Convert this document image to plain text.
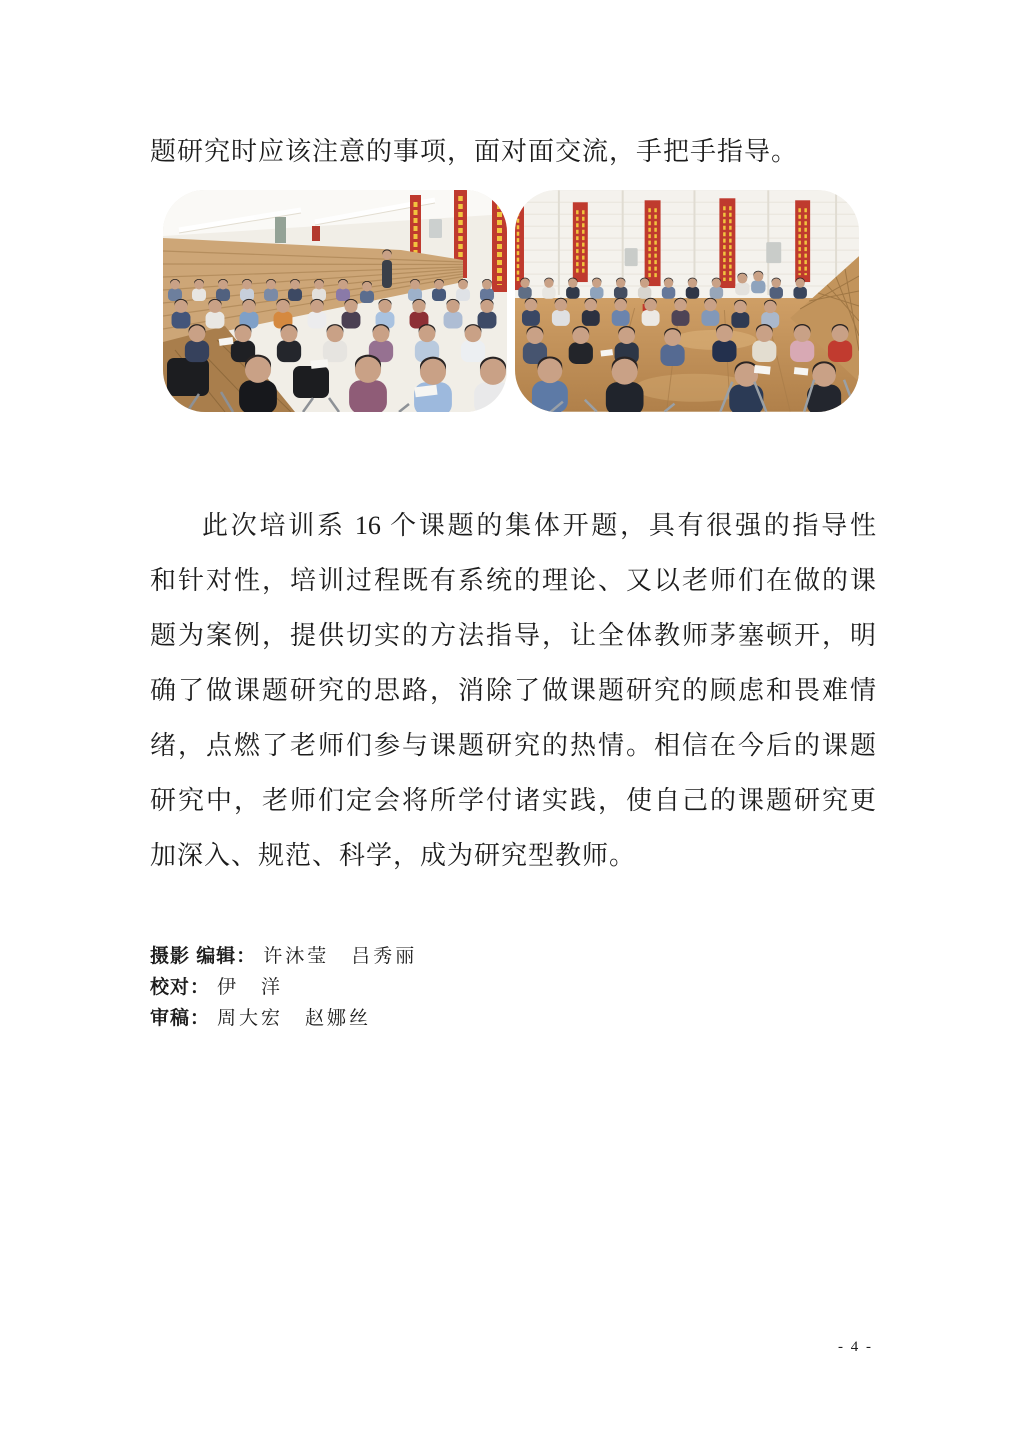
题研究时应该注意的事项，面对面交流，手把手指导。
此次培训系 16 个课题的集体开题，具有很强的指导性
和针对性，培训过程既有系统的理论、又以老师们在做的课
题为案例，提供切实的方法指导，让全体教师茅塞顿开，明
确了做课题研究的思路，消除了做课题研究的顾虑和畏难情
绪，点燃了老师们参与课题研究的热情。相信在今后的课题
研究中，老师们定会将所学付诸实践，使自己的课题研究更
加深入、规范、科学，成为研究型教师。
摄影 编辑： 许沐莹　吕秀丽
校对： 伊　洋
审稿： 周大宏　赵娜丝
- 4 -
